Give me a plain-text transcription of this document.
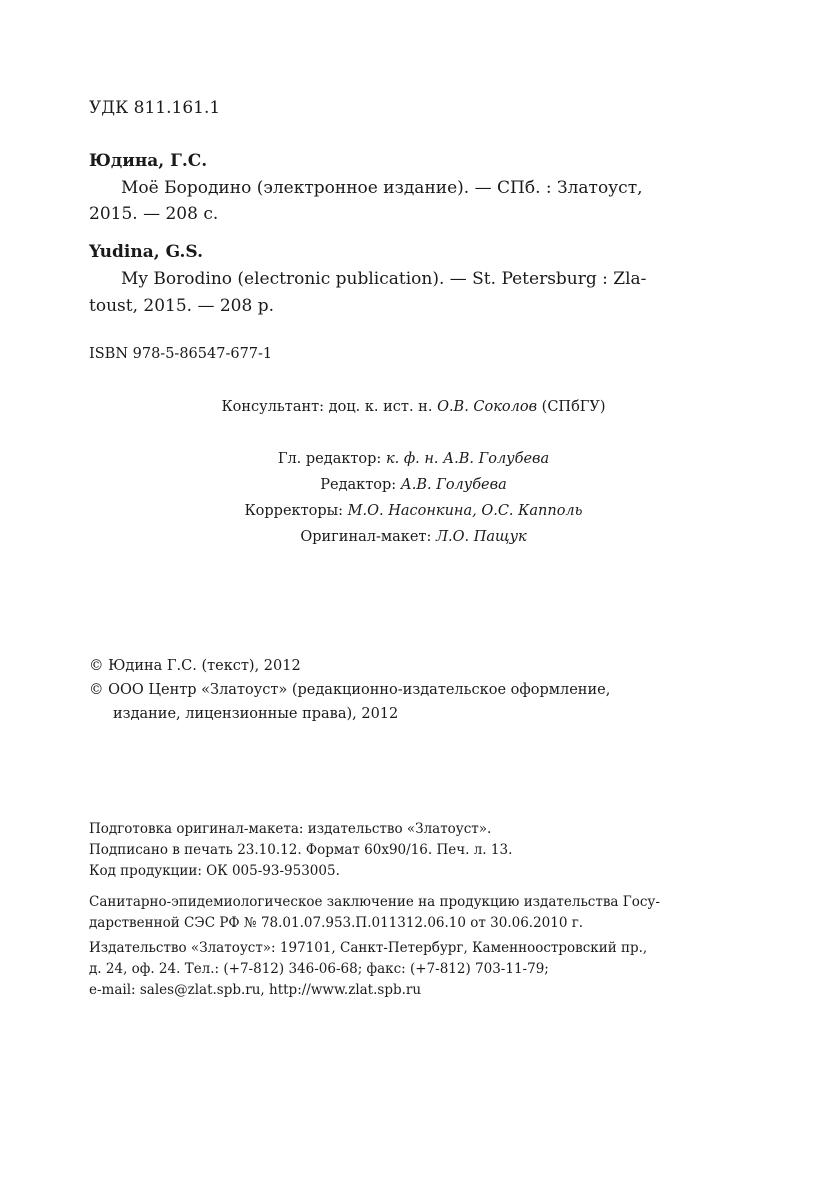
УДК 811.161.1
Юдина, Г.С.
Моё Бородино (электронное издание). — СПб. : Златоуст,
2015. — 208 с.
Yudina, G.S.
My Borodino (electronic publication). — St. Petersburg : Zla-
toust, 2015. — 208 p.
ISBN 978-5-86547-677-1
Консультант: доц. к. ист. н. О.В. Соколов (СПбГУ)
Гл. редактор: к. ф. н. А.В. Голубева
Редактор: А.В. Голубева
Корректоры: М.О. Насонкина, О.С. Капполь
Оригинал-макет: Л.О. Пащук
© Юдина Г.С. (текст), 2012
© ООО Центр «Златоуст» (редакционно-издательское оформление,
издание, лицензионные права), 2012
Подготовка оригинал-макета: издательство «Златоуст».
Подписано в печать 23.10.12. Формат 60x90/16. Печ. л. 13.
Код продукции: ОК 005-93-953005.
Санитарно-эпидемиологическое заключение на продукцию издательства Госу-
дарственной СЭС РФ № 78.01.07.953.П.011312.06.10 от 30.06.2010 г.
Издательство «Златоуст»: 197101, Санкт-Петербург, Каменноостровский пр.,
д. 24, оф. 24. Тел.: (+7-812) 346-06-68; факс: (+7-812) 703-11-79;
e-mail: sales@zlat.spb.ru, http://www.zlat.spb.ru
